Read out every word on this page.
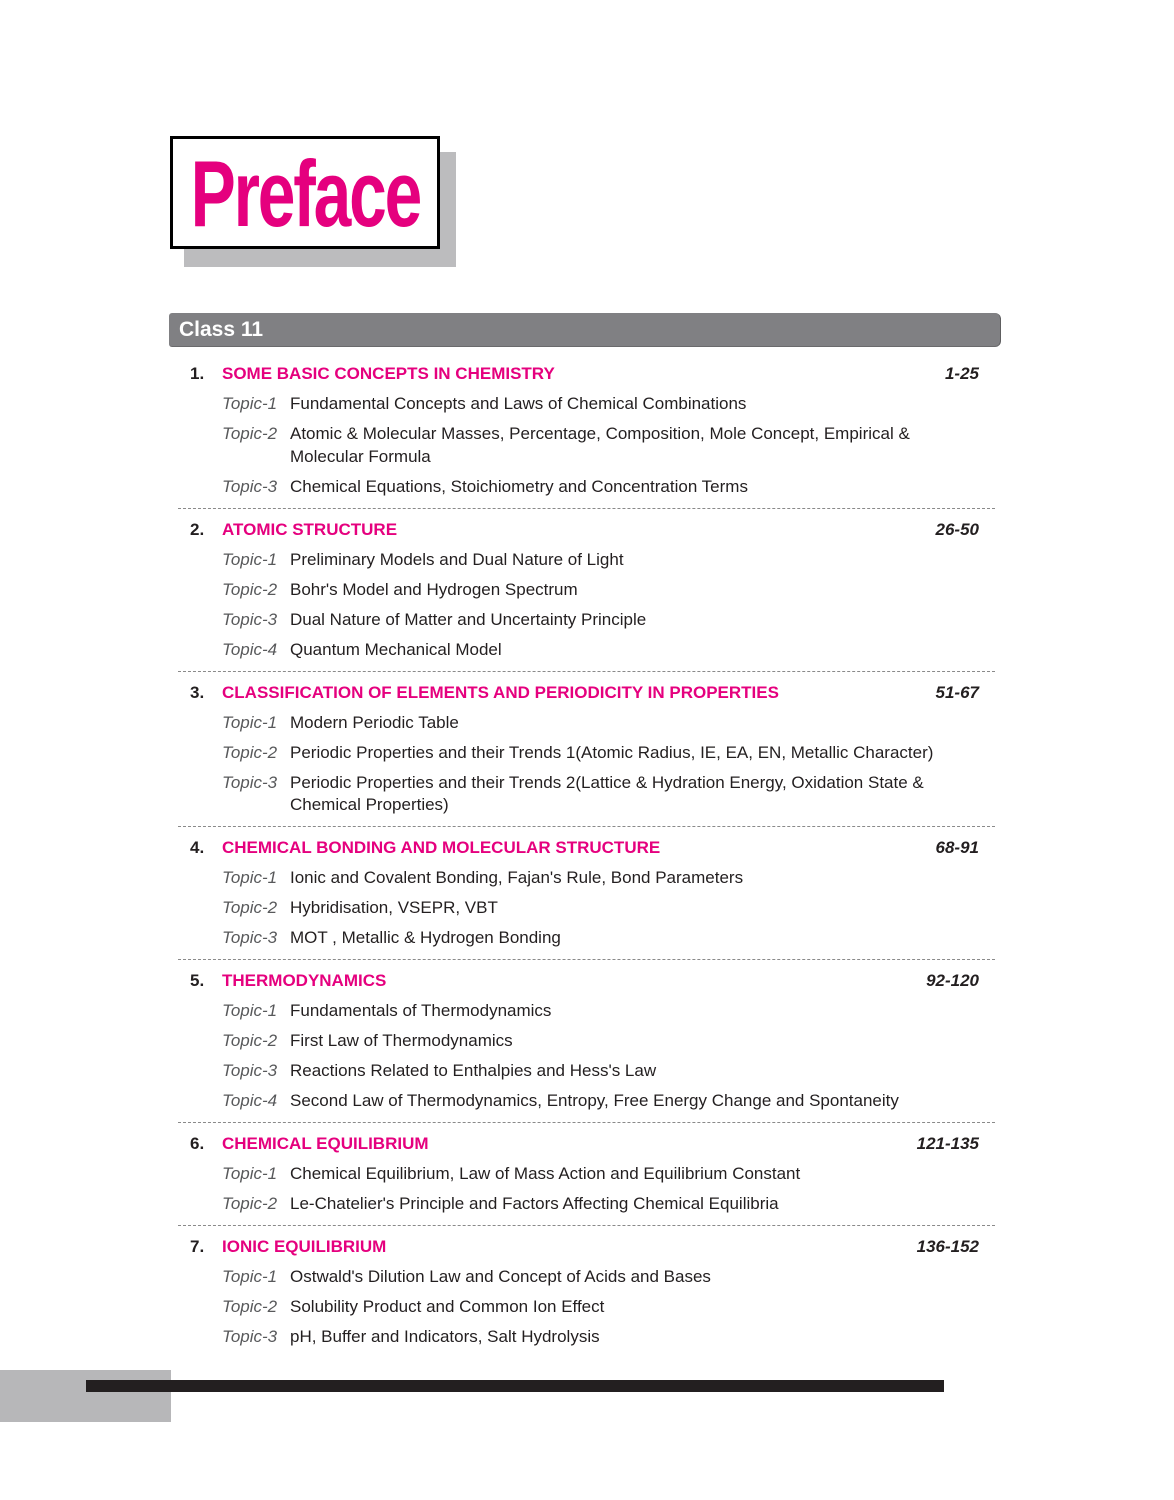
Preface
Class 11
1.	SOME BASIC CONCEPTS IN CHEMISTRY	1-25
Topic-1 Fundamental Concepts and Laws of Chemical Combinations
Topic-2 Atomic & Molecular Masses, Percentage, Composition, Mole Concept, Empirical & Molecular Formula
Topic-3 Chemical Equations, Stoichiometry and Concentration Terms
2.	ATOMIC STRUCTURE	26-50
Topic-1 Preliminary Models and Dual Nature of Light
Topic-2 Bohr's Model and Hydrogen Spectrum
Topic-3 Dual Nature of Matter and Uncertainty Principle
Topic-4 Quantum Mechanical Model
3.	CLASSIFICATION OF ELEMENTS AND PERIODICITY IN PROPERTIES	51-67
Topic-1 Modern Periodic Table
Topic-2 Periodic Properties and their Trends 1(Atomic Radius, IE, EA, EN, Metallic Character)
Topic-3 Periodic Properties and their Trends 2(Lattice & Hydration Energy, Oxidation State & Chemical Properties)
4.	CHEMICAL BONDING AND MOLECULAR STRUCTURE	68-91
Topic-1 Ionic and Covalent Bonding, Fajan's Rule, Bond Parameters
Topic-2 Hybridisation, VSEPR, VBT
Topic-3 MOT , Metallic & Hydrogen Bonding
5.	THERMODYNAMICS	92-120
Topic-1 Fundamentals of Thermodynamics
Topic-2 First Law of Thermodynamics
Topic-3 Reactions Related to Enthalpies and Hess's Law
Topic-4 Second Law of Thermodynamics, Entropy, Free Energy Change and Spontaneity
6.	CHEMICAL EQUILIBRIUM	121-135
Topic-1 Chemical Equilibrium, Law of Mass Action and Equilibrium Constant
Topic-2 Le-Chatelier's Principle and Factors Affecting Chemical Equilibria
7.	IONIC EQUILIBRIUM	136-152
Topic-1 Ostwald's Dilution Law and Concept of Acids and Bases
Topic-2 Solubility Product and Common Ion Effect
Topic-3 pH, Buffer and Indicators, Salt Hydrolysis
